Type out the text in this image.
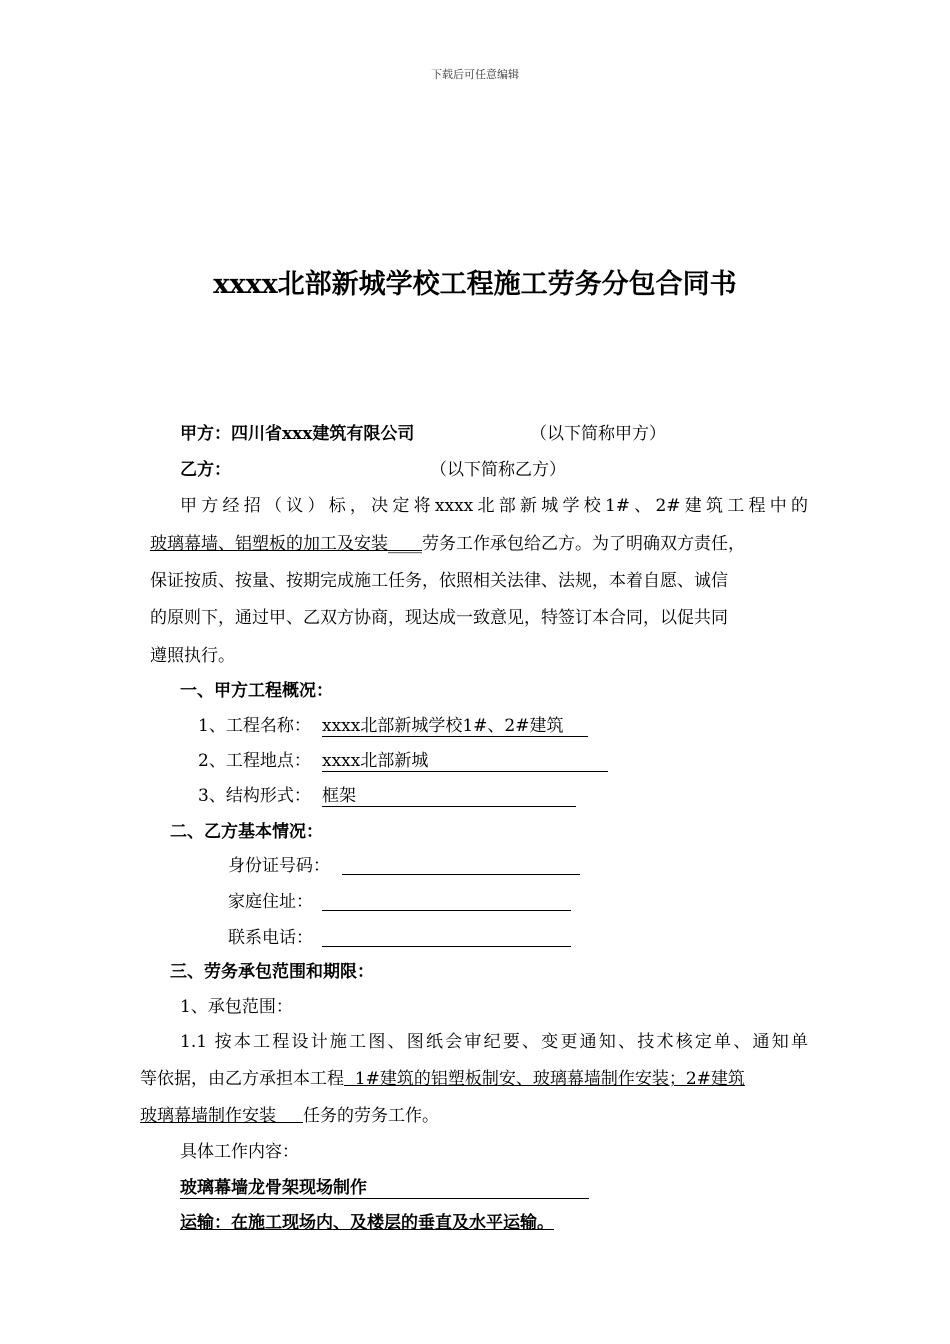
下载后可任意编辑
xxxx北部新城学校工程施工劳务分包合同书
甲方：四川省xxx建筑有限公司	（以下简称甲方）
乙方：	（以下简称乙方）
甲方经招（议）标，决定将xxxx北部新城学校1#、2#建筑工程中的
玻璃幕墙、铝塑板的加工及安装____劳务工作承包给乙方。为了明确双方责任，
保证按质、按量、按期完成施工任务，依照相关法律、法规，本着自愿、诚信
的原则下，通过甲、乙双方协商，现达成一致意见，特签订本合同，以促共同
遵照执行。
一、甲方工程概况：
1、工程名称： xxxx北部新城学校1#、2#建筑
2、工程地点： xxxx北部新城
3、结构形式： 框架
二、乙方基本情况：
身份证号码：
家庭住址：
联系电话：
三、劳务承包范围和期限：
1、承包范围：
1.1 按本工程设计施工图、图纸会审纪要、变更通知、技术核定单、通知单
等依据，由乙方承担本工程  1#建筑的铝塑板制安、玻璃幕墙制作安装；2#建筑
玻璃幕墙制作安装     任务的劳务工作。
具体工作内容：
玻璃幕墙龙骨架现场制作
运输：在施工现场内、及楼层的垂直及水平运输。
